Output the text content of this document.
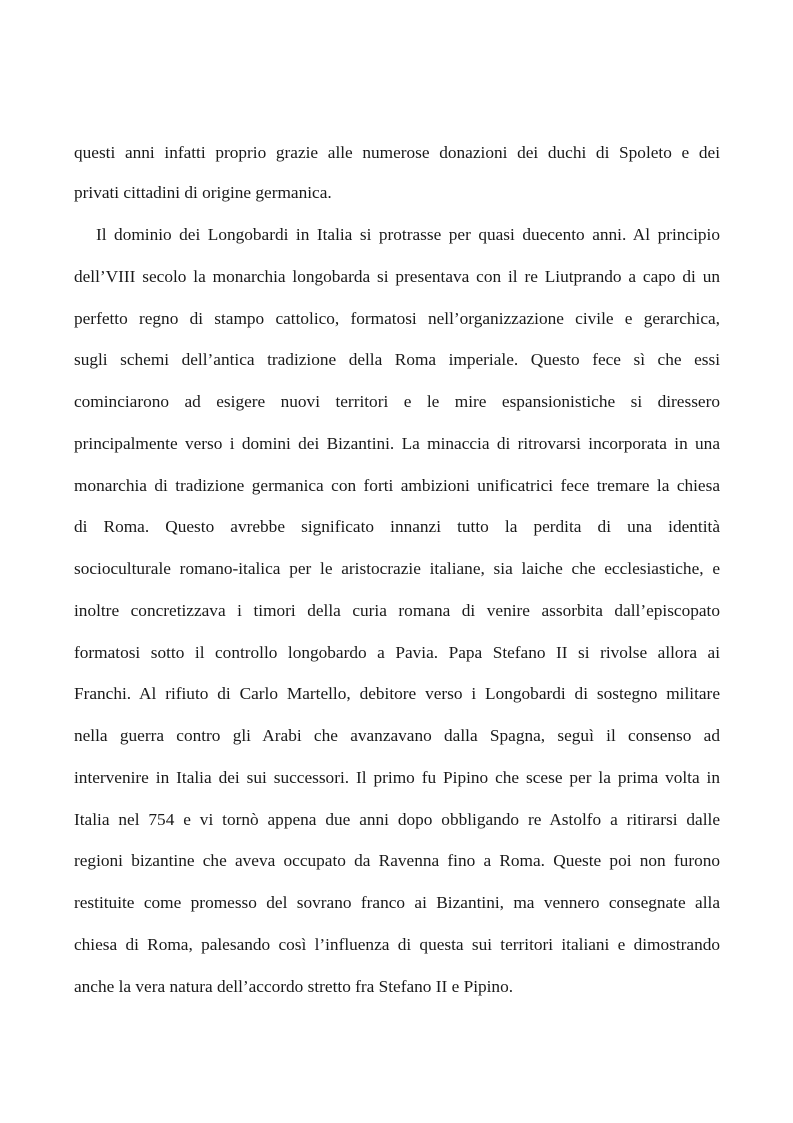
questi anni infatti proprio grazie alle numerose donazioni dei duchi di Spoleto e dei
privati cittadini di origine germanica.
Il dominio dei Longobardi in Italia si protrasse per quasi duecento anni. Al principio
dell’VIII secolo la monarchia longobarda si presentava con il re Liutprando a capo di un
perfetto regno di stampo cattolico, formatosi nell’organizzazione civile e gerarchica,
sugli schemi dell’antica tradizione della Roma imperiale. Questo fece sì che essi
cominciarono ad esigere nuovi territori e le mire espansionistiche si diressero
principalmente verso i domini dei Bizantini. La minaccia di ritrovarsi incorporata in una
monarchia di tradizione germanica con forti ambizioni unificatrici fece tremare la chiesa
di Roma. Questo avrebbe significato innanzi tutto la perdita di una identità
socioculturale romano-italica per le aristocrazie italiane, sia laiche che ecclesiastiche, e
inoltre concretizzava i timori della curia romana di venire assorbita dall’episcopato
formatosi sotto il controllo longobardo a Pavia. Papa Stefano II si rivolse allora ai
Franchi. Al rifiuto di Carlo Martello, debitore verso i Longobardi di sostegno militare
nella guerra contro gli Arabi che avanzavano dalla Spagna, seguì il consenso ad
intervenire in Italia dei sui successori. Il primo fu Pipino che scese per la prima volta in
Italia nel 754 e vi tornò appena due anni dopo obbligando re Astolfo a ritirarsi dalle
regioni bizantine che aveva occupato da Ravenna fino a Roma. Queste poi non furono
restituite come promesso del sovrano franco ai Bizantini, ma vennero consegnate alla
chiesa di Roma, palesando così l’influenza di questa sui territori italiani e dimostrando
anche la vera natura dell’accordo stretto fra Stefano II e Pipino.
